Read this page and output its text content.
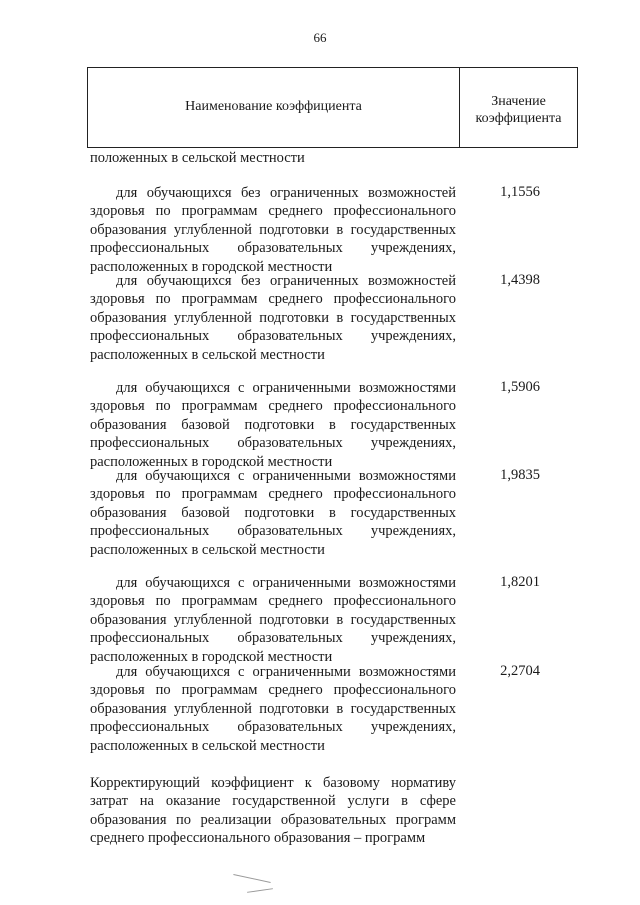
66
Наименование коэффициента	Значение
коэффициента
положенных в сельской местности
для обучающихся без ограниченных возможностей здоровья по программам среднего профессионального образования углубленной подготовки в государственных профессиональных образовательных учреждениях, расположенных в городской местности
1,1556
для обучающихся без ограниченных возможностей здоровья по программам среднего профессионального образования углубленной подготовки в государственных профессиональных образовательных учреждениях, расположенных в сельской местности
1,4398
для обучающихся с ограниченными возможностями здоровья по программам среднего профессионального образования базовой подготовки в государственных профессиональных образовательных учреждениях, расположенных в городской местности
1,5906
для обучающихся с ограниченными возможностями здоровья по программам среднего профессионального образования базовой подготовки в государственных профессиональных образовательных учреждениях, расположенных в сельской местности
1,9835
для обучающихся с ограниченными возможностями здоровья по программам среднего профессионального образования углубленной подготовки в государственных профессиональных образовательных учреждениях, расположенных в городской местности
1,8201
для обучающихся с ограниченными возможностями здоровья по программам среднего профессионального образования углубленной подготовки в государственных профессиональных образовательных учреждениях, расположенных в сельской местности
2,2704
Корректирующий коэффициент к базовому нормативу затрат на оказание государственной услуги в сфере образования по реализации образовательных программ среднего профессионального образования – программ
